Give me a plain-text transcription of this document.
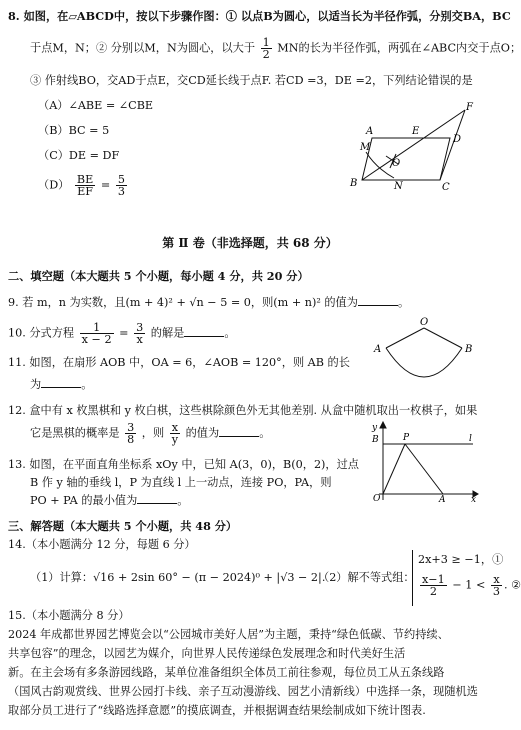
8. 如图，在▱ABCD中，按以下步骤作图：① 以点B为圆心，以适当长为半径作弧，分别交BA，BC
于点M，N；② 分别以M，N为圆心，以大于 $\frac{1}{2}$ MN的长为半径作弧，两弧在∠ABC内交于点O；
③ 作射线BO，交AD于点E，交CD延长线于点F. 若CD =3，DE =2，下列结论错误的是
（A）∠ABE = ∠CBE
（B）BC = 5
（C）DE = DF
$(D) \frac{BE}{EF} = \frac{5}{3}$
F
A	E
D
M
O
B	N	C
第 Ⅱ 卷（非选择题，共 68 分）
二、填空题（本大题共 5 个小题，每小题 4 分，共 20 分）
9. 若 m，n 为实数，且(m + 4)² + √n − 5 = 0，则(m + n)² 的值为	。
10. 分式方程 $\frac{1}{x - 2} = \frac{3}{x}$ 的解是	。
11. 如图，在扇形 AOB 中，OA = 6，∠AOB = 120°，则 AB 的长
为	。
O
A	B
12. 盒中有 x 枚黑棋和 y 枚白棋，这些棋除颜色外无其他差别. 从盒中随机取出一枚棋子，如果
它是黑棋的概率是 $\frac{3}{8}$ ，则 $\frac{x}{y}$ 的值为	。
13. 如图，在平面直角坐标系 xOy 中，已知 A(3，0)，B(0，2)，过点
B 作 y 轴的垂线 l，P 为直线 l 上一动点，连接 PO，PA，则
PO + PA 的最小值为	。
y
B	P	l
O	A	x
三、解答题（本大题共 5 个小题，共 48 分）
14.（本小题满分 12 分，每题 6 分）
（1）计算：√16 + 2sin 60° − (π − 2024)⁰ + |√3 − 2|.
（2）解不等式组：
2x+3 ≥ −1，①
$\frac{x-1}{2} - 1 < \frac{x}{3}$ . ②
15.（本小题满分 8 分）
2024 年成都世界园艺博览会以“公园城市美好人居”为主题，秉持“绿色低碳、节约持续、
共享包容”的理念，以园艺为媒介，向世界人民传递绿色发展理念和时代美好生活
新。在主会场有多条游园线路，某单位准备组织全体员工前往参观，每位员工从五条线路
（国风古韵观赏线、世界公园打卡线、亲子互动漫游线、园艺小清新线）中选择一条，现随机选
取部分员工进行了“线路选择意愿”的摸底调查，并根据调查结果绘制成如下统计图表.
